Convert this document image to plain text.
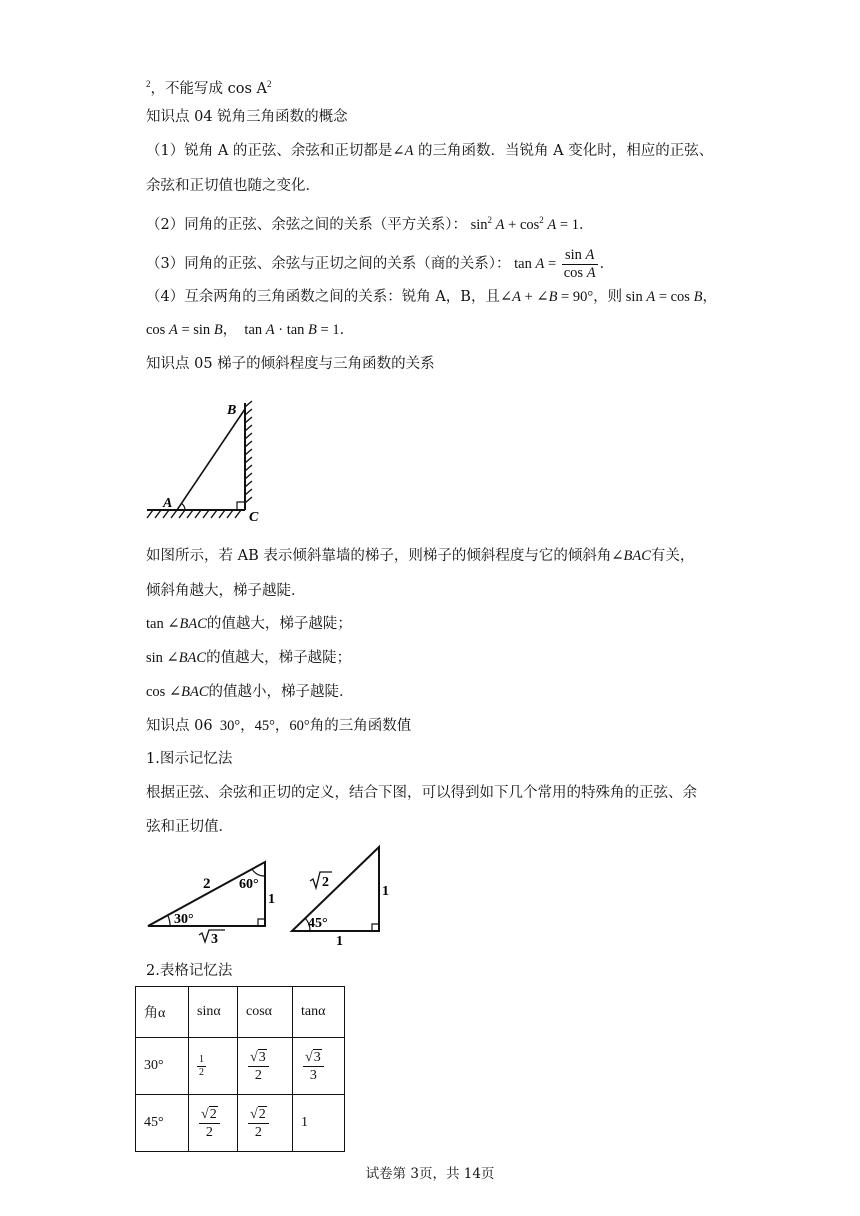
$^2$，不能写成 $\cos A^2$
知识点 04 锐角三角函数的概念
（1）锐角 A 的正弦、余弦和正切都是∠A 的三角函数．当锐角 A 变化时，相应的正弦、
余弦和正切值也随之变化．
（2）同角的正弦、余弦之间的关系（平方关系）： $\sin^2 A + \cos^2 A = 1$．
（3）同角的正弦、余弦与正切之间的关系（商的关系）： $\tan A = \frac{\text{sin A}}{\text{cos A}}$ ．
（4）互余两角的三角函数之间的关系：锐角 A，B，且∠A + ∠B = 90°，则 sin A = cos B，
cos A = sin B，  tan A · tan B = 1．
知识点 05 梯子的倾斜程度与三角函数的关系
B
A
C
如图所示，若 AB 表示倾斜靠墙的梯子，则梯子的倾斜程度与它的倾斜角∠BAC有关，
倾斜角越大，梯子越陡．
tan ∠BAC的值越大，梯子越陡；
sin ∠BAC的值越大，梯子越陡；
cos ∠BAC的值越小，梯子越陡．
知识点 06  30°，45°，60°角的三角函数值
1.图示记忆法
根据正弦、余弦和正切的定义，结合下图，可以得到如下几个常用的特殊角的正弦、余
弦和正切值．
2 60°
1
30°
3
2
1
45°
1
2.表格记忆法
角α	sinα	cosα	tanα
30°	$\frac{1}{2}$	$\frac{√3}{2}$	$\frac{√3}{3}$

45°	$\frac{√2}{2}$	$\frac{√2}{2}$	1
试卷第 3页，共 14页
